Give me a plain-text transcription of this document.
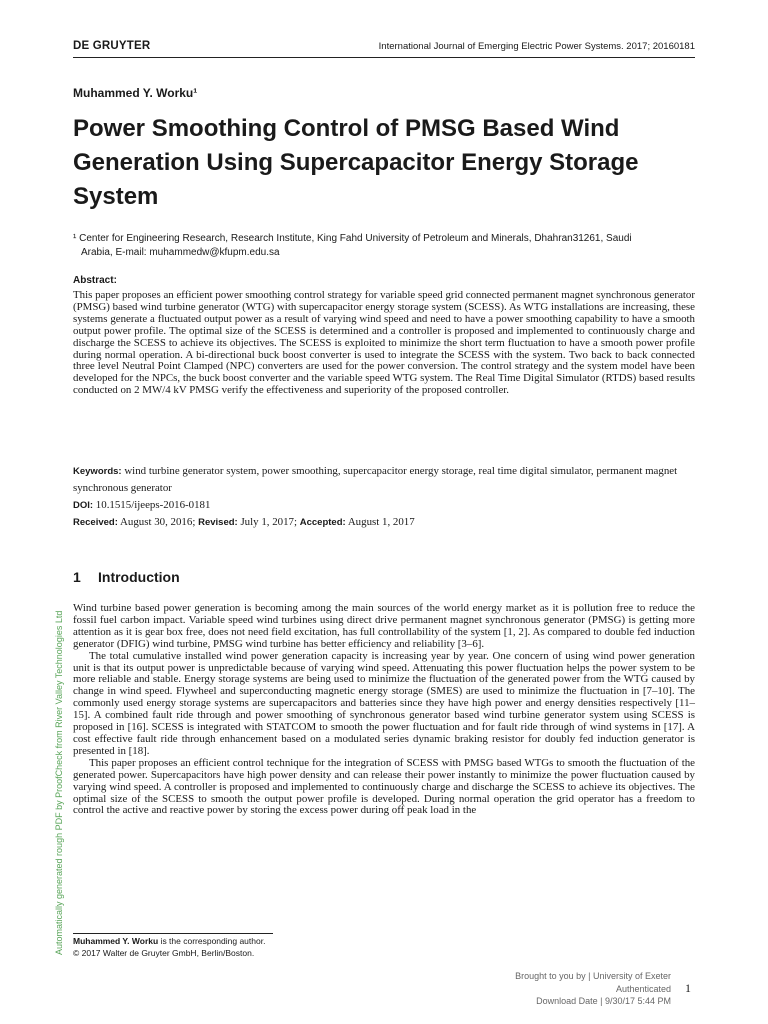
DE GRUYTER	International Journal of Emerging Electric Power Systems. 2017; 20160181
Muhammed Y. Worku¹
Power Smoothing Control of PMSG Based Wind Generation Using Supercapacitor Energy Storage System
¹ Center for Engineering Research, Research Institute, King Fahd University of Petroleum and Minerals, Dhahran31261, Saudi
Arabia, E-mail: muhammedw@kfupm.edu.sa
Abstract:
This paper proposes an efficient power smoothing control strategy for variable speed grid connected permanent magnet synchronous generator (PMSG) based wind turbine generator (WTG) with supercapacitor energy storage system (SCESS). As WTG installations are increasing, these systems generate a fluctuated output power as a result of varying wind speed and need to have a power smoothing capability to have a smooth output power profile. The optimal size of the SCESS is determined and a controller is proposed and implemented to continuously charge and discharge the SCESS to achieve its objectives. The SCESS is exploited to minimize the short term fluctuation to have a smooth power profile during normal operation. A bi-directional buck boost converter is used to integrate the SCESS with the system. Two back to back connected three level Neutral Point Clamped (NPC) converters are used for the power conversion. The control strategy and the system model have been developed for the NPCs, the buck boost converter and the variable speed WTG system. The Real Time Digital Simulator (RTDS) based results conducted on 2 MW/4 kV PMSG verify the effectiveness and superiority of the proposed controller.
Keywords: wind turbine generator system, power smoothing, supercapacitor energy storage, real time digital simulator, permanent magnet synchronous generator
DOI: 10.1515/ijeeps-2016-0181
Received: August 30, 2016; Revised: July 1, 2017; Accepted: August 1, 2017
1 Introduction

Wind turbine based power generation is becoming among the main sources of the world energy market as it is pollution free to reduce the fossil fuel carbon impact. Variable speed wind turbines using direct drive permanent magnet synchronous generator (PMSG) is getting more attention as it is gear box free, does not need field excitation, has full controllability of the system [1, 2]. As compared to double fed induction generator (DFIG) wind turbine, PMSG wind turbine has better efficiency and reliability [3–6].

The total cumulative installed wind power generation capacity is increasing year by year. One concern of using wind power generation unit is that its output power is unpredictable because of varying wind speed. Attenuating this power fluctuation helps the power system to be more reliable and stable. Energy storage systems are being used to minimize the fluctuation of the generated power from the WTG caused by change in wind speed. Flywheel and superconducting magnetic energy storage (SMES) are used to minimize the fluctuation in [7–10]. The commonly used energy storage systems are supercapacitors and batteries since they have high power and energy densities respectively [11–15]. A combined fault ride through and power smoothing of synchronous generator based wind turbine generator system using SCESS is proposed in [16]. SCESS is integrated with STATCOM to smooth the power fluctuation and for fault ride through of wind systems in [17]. A cost effective fault ride through enhancement based on a modulated series dynamic braking resistor for doubly fed induction generator is presented in [18].

This paper proposes an efficient control technique for the integration of SCESS with PMSG based WTGs to smooth the fluctuation of the generated power. Supercapacitors have high power density and can release their power instantly to minimize the power fluctuation caused by varying wind speed. A controller is proposed and implemented to continuously charge and discharge the SCESS to achieve its objectives. The optimal size of the SCESS to smooth the output power profile is developed. During normal operation the grid operator has a freedom to control the active and reactive power by storing the excess power during off peak load in the

Muhammed Y. Worku is the corresponding author.
© 2017 Walter de Gruyter GmbH, Berlin/Boston.
Automatically generated rough PDF by ProofCheck from River Valley Technologies Ltd
Brought to you by | University of Exeter
Authenticated
Download Date | 9/30/17 5:44 PM
1
